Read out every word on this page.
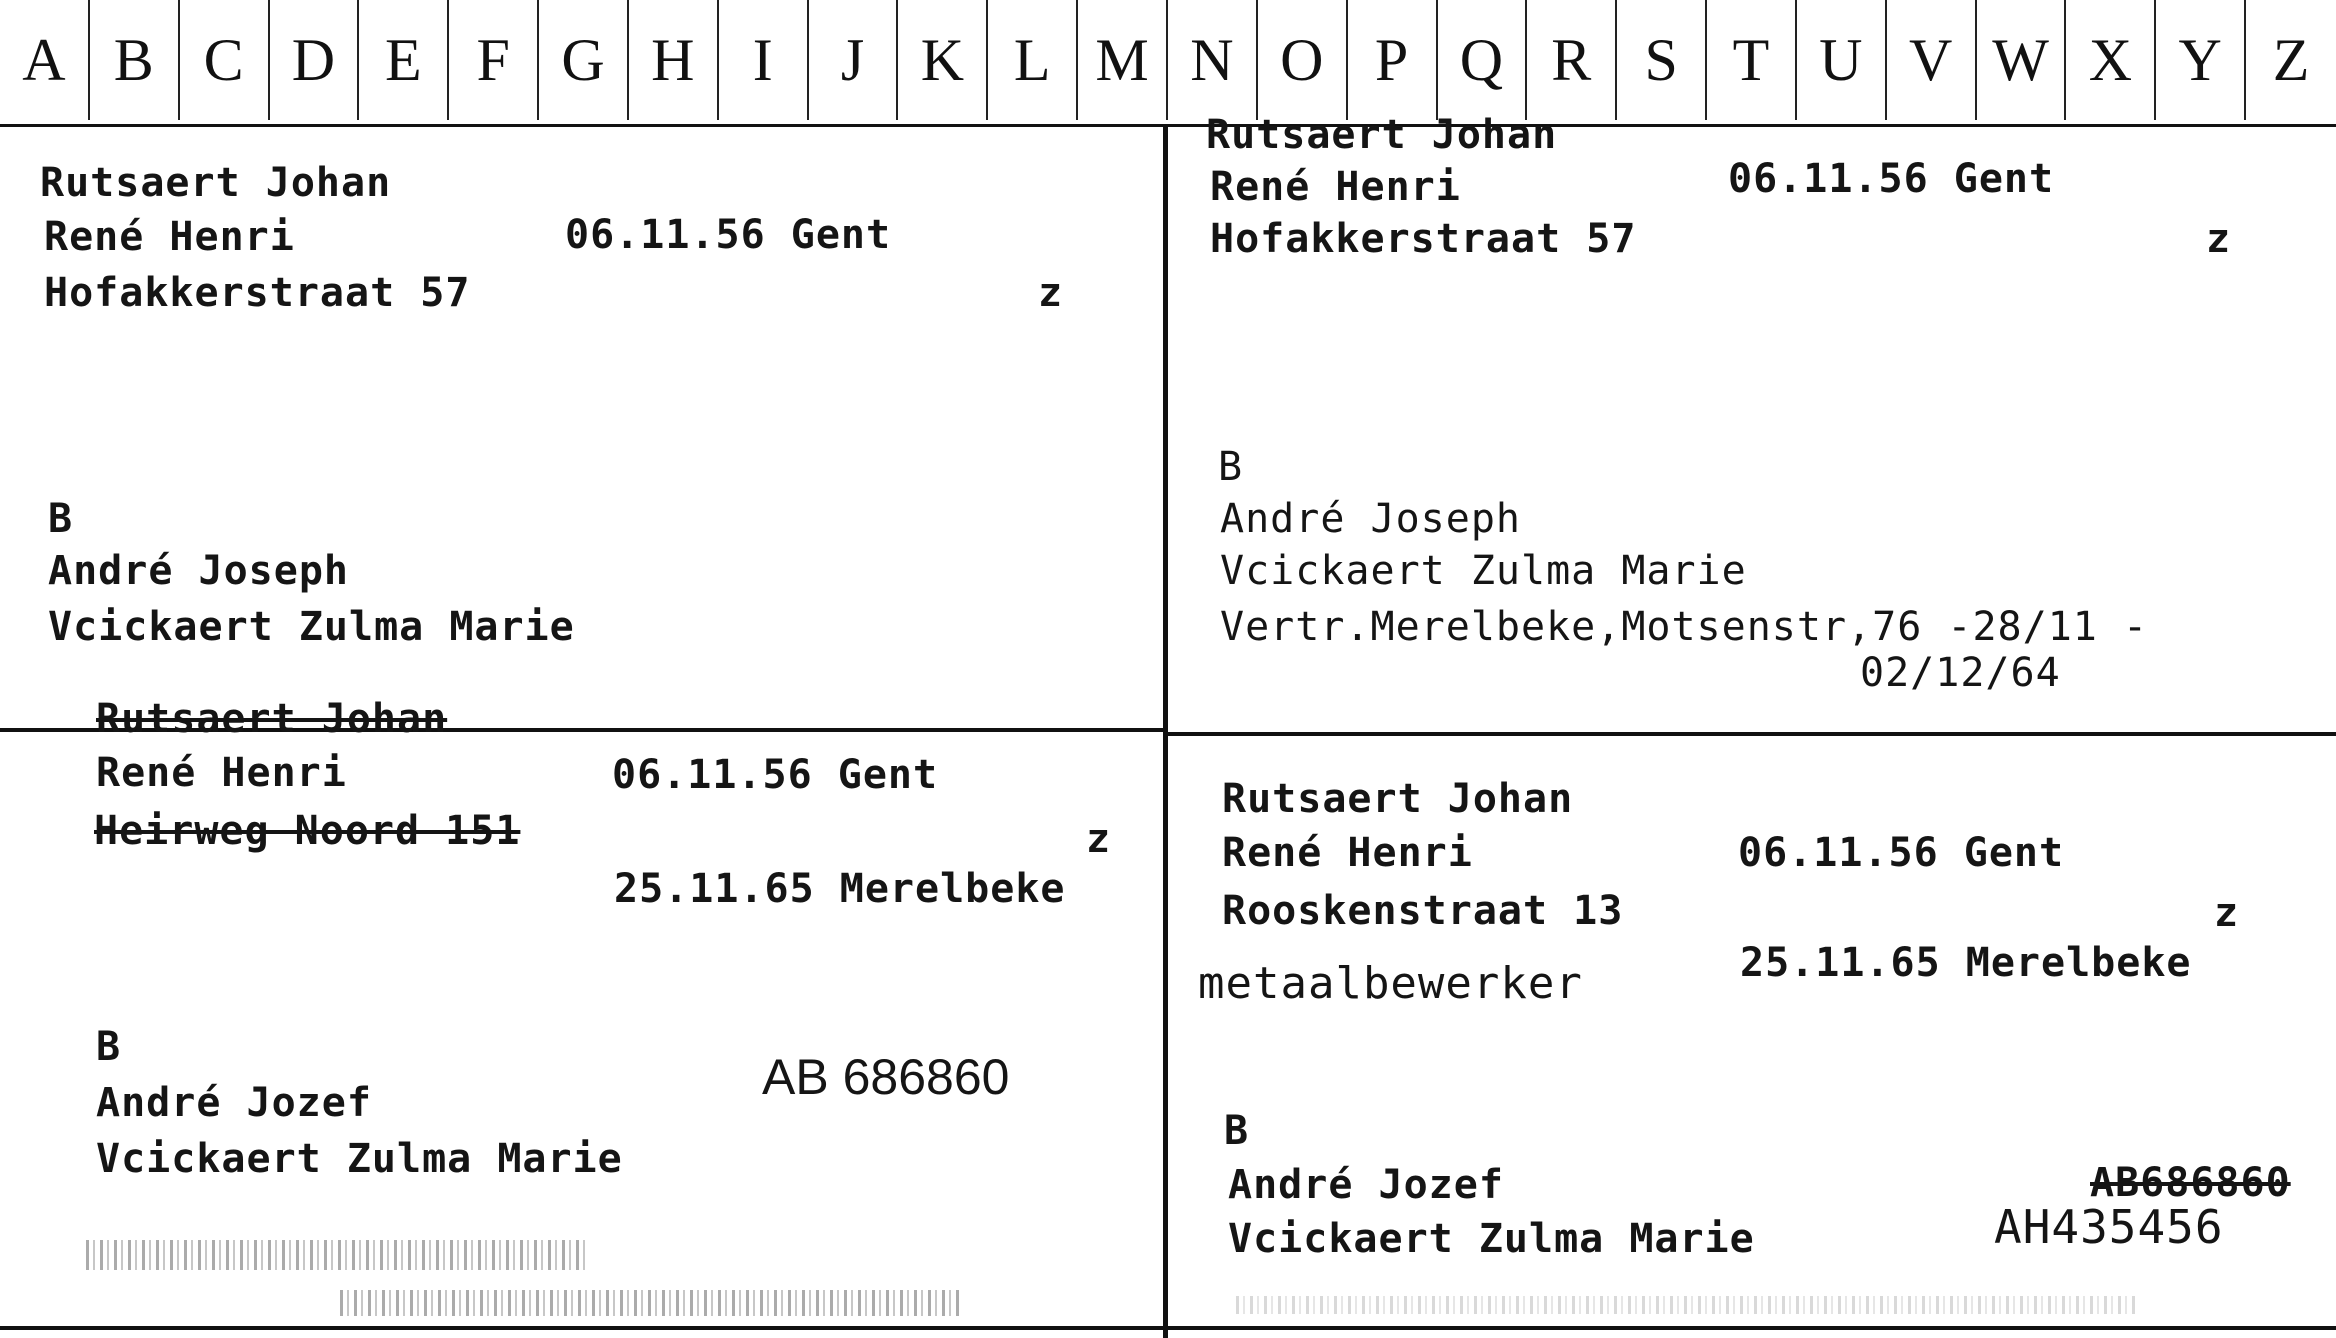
A B C D E F G H I	J K L M N O P Q R S T U V W X Y Z
Rutsaert Johan
René Henri	06.11.56 Gent
Hofakkerstraat 57	z
B
André Joseph
Vcickaert Zulma Marie
Rutsaert Johan
René Henri	06.11.56 Gent
Hofakkerstraat 57	z
B
André Joseph
Vcickaert Zulma Marie
Vertr.Merelbeke,Motsenstr,76 -28/11 -
02/12/64
Rutsaert Johan
René Henri	06.11.56 Gent
Heirweg Noord 151	z
25.11.65 Merelbeke
B
AB 686860
André Jozef
Vcickaert Zulma Marie
Rutsaert Johan
René Henri	06.11.56 Gent
Rooskenstraat 13	z
metaalbewerker	25.11.65 Merelbeke
B
André Jozef	AB686860
Vcickaert Zulma Marie	AH435456
